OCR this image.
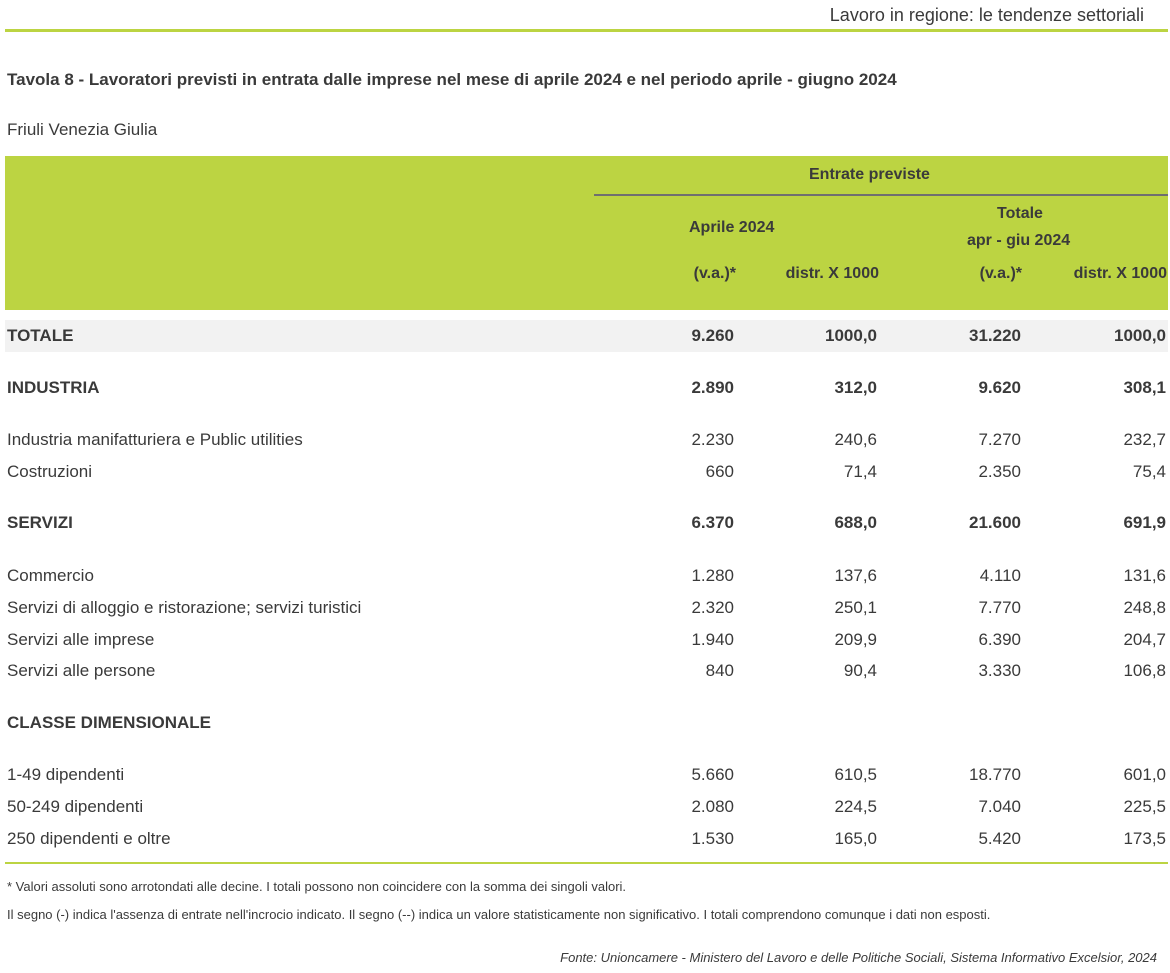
Lavoro in regione: le tendenze settoriali
Tavola 8 - Lavoratori previsti in entrata dalle imprese nel mese di aprile 2024 e nel periodo aprile - giugno 2024
Friuli Venezia Giulia
Entrate previste
Aprile 2024
Totale
apr - giu 2024
(v.a.)*	distr. X 1000	(v.a.)*	distr. X 1000
TOTALE	9.260	1000,0	31.220	1000,0
INDUSTRIA	2.890	312,0	9.620	308,1
Industria manifatturiera e Public utilities	2.230	240,6	7.270	232,7
Costruzioni	660	71,4	2.350	75,4
SERVIZI	6.370	688,0	21.600	691,9
Commercio	1.280	137,6	4.110	131,6
Servizi di alloggio e ristorazione; servizi turistici	2.320	250,1	7.770	248,8
Servizi alle imprese	1.940	209,9	6.390	204,7
Servizi alle persone	840	90,4	3.330	106,8
CLASSE DIMENSIONALE
1-49 dipendenti	5.660	610,5	18.770	601,0
50-249 dipendenti	2.080	224,5	7.040	225,5
250 dipendenti e oltre	1.530	165,0	5.420	173,5
* Valori assoluti sono arrotondati alle decine. I totali possono non coincidere con la somma dei singoli valori.
Il segno (-) indica l'assenza di entrate nell'incrocio indicato. Il segno (--) indica un valore statisticamente non significativo. I totali comprendono comunque i dati non esposti.
Fonte: Unioncamere - Ministero del Lavoro e delle Politiche Sociali, Sistema Informativo Excelsior, 2024
